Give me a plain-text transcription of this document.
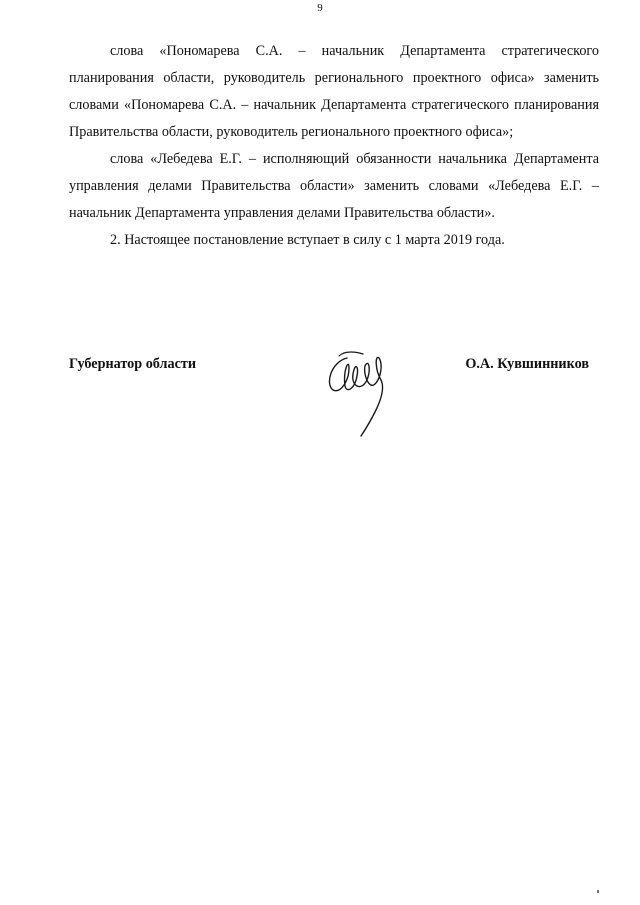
9

слова «Пономарева С.А. – начальник Департамента стратегического планирования области, руководитель регионального проектного офиса» заменить словами «Пономарева С.А. – начальник Департамента стратегического планирования Правительства области, руководитель регионального проектного офиса»;

слова «Лебедева Е.Г. – исполняющий обязанности начальника Департамента управления делами Правительства области» заменить словами «Лебедева Е.Г. – начальник Департамента управления делами Правительства области».

2. Настоящее постановление вступает в силу с 1 марта 2019 года.

Губернатор области	О.А. Кувшинников
